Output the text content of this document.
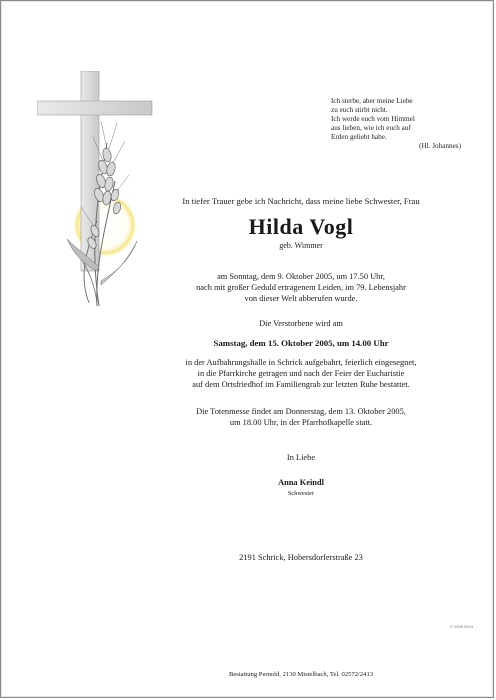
Ich sterbe, aber meine Liebe
zu euch stirbt nicht.
Ich werde euch vom Himmel
aus lieben, wie ich euch auf
Erden geliebt habe.
(Hl. Johannes)
In tiefer Trauer gebe ich Nachricht, dass meine liebe Schwester, Frau
Hilda Vogl
geb. Wimmer
am Sonntag, dem 9. Oktober 2005, um 17.50 Uhr,
nach mit großer Geduld ertragenem Leiden, im 79. Lebensjahr
von dieser Welt abberufen wurde.
Die Verstorbene wird am
Samstag, dem 15. Oktober 2005, um 14.00 Uhr
in der Aufbahrungshalle in Schrick aufgebahrt, feierlich eingesegnet,
in die Pfarrkirche getragen und nach der Feier der Eucharistie
auf dem Ortsfriedhof im Familiengrab zur letzten Ruhe bestattet.
Die Totenmesse findet am Donnerstag, dem 13. Oktober 2005,
um 18.00 Uhr, in der Pfarrhofkapelle statt.
In Liebe
Anna Keindl
Schwester
2191 Schrick, Hobersdorferstraße 23
© 2005 0024
Bestattung Pernold, 2130 Mistelbach, Tel. 02572/2413
